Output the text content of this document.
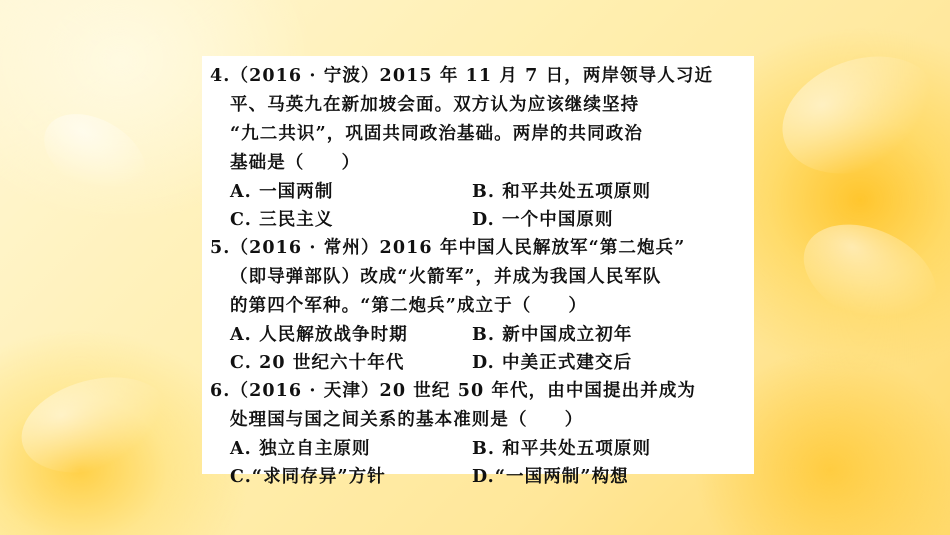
4.（2016 · 宁波）2015 年 11 月 7 日，两岸领导人习近
平、马英九在新加坡会面。双方认为应该继续坚持
“九二共识”，巩固共同政治基础。两岸的共同政治
基础是（　　）
A. 一国两制	B. 和平共处五项原则
C. 三民主义	D. 一个中国原则
5.（2016 · 常州）2016 年中国人民解放军“第二炮兵”
（即导弹部队）改成“火箭军”，并成为我国人民军队
的第四个军种。“第二炮兵”成立于（　　）
A. 人民解放战争时期	B. 新中国成立初年
C. 20 世纪六十年代	D. 中美正式建交后
6.（2016 · 天津）20 世纪 50 年代，由中国提出并成为
处理国与国之间关系的基本准则是（　　）
A. 独立自主原则	B. 和平共处五项原则
C.“求同存异”方针	D.“一国两制”构想
